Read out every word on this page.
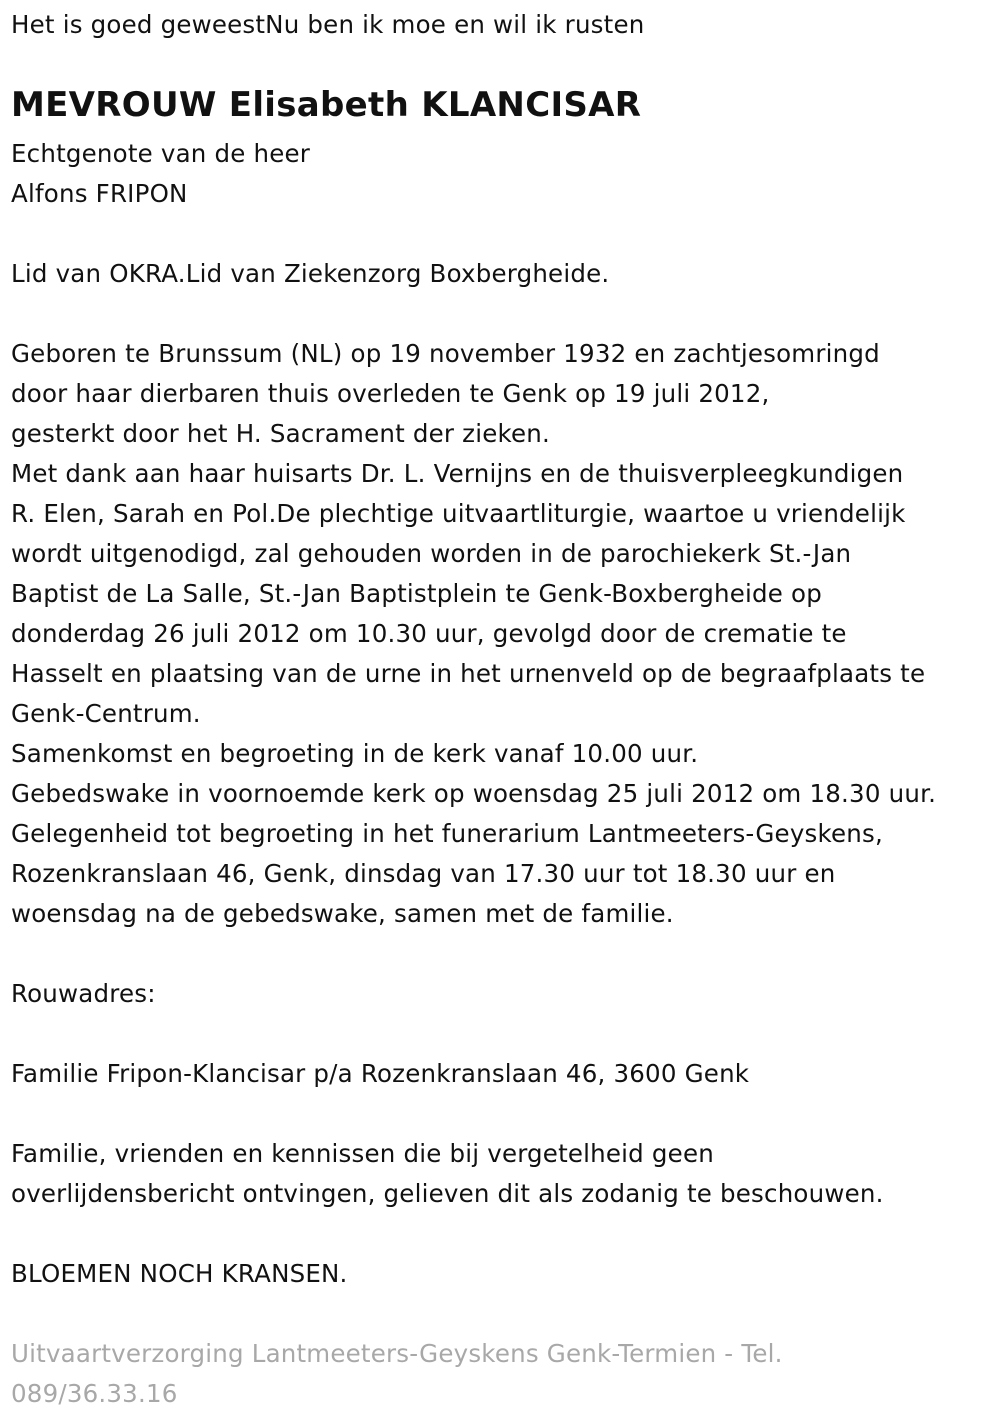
Het is goed geweestNu ben ik moe en wil ik rusten
MEVROUW Elisabeth KLANCISAR
Echtgenote van de heer
Alfons FRIPON
Lid van OKRA.Lid van Ziekenzorg Boxbergheide.
Geboren te Brunssum (NL) op 19 november 1932 en zachtjesomringd
door haar dierbaren thuis overleden te Genk op 19 juli 2012,
gesterkt door het H. Sacrament der zieken.
Met dank aan haar huisarts Dr. L. Vernijns en de thuisverpleegkundigen
R. Elen, Sarah en Pol.De plechtige uitvaartliturgie, waartoe u vriendelijk
wordt uitgenodigd, zal gehouden worden in de parochiekerk St.-Jan
Baptist de La Salle, St.-Jan Baptistplein te Genk-Boxbergheide op
donderdag 26 juli 2012 om 10.30 uur, gevolgd door de crematie te
Hasselt en plaatsing van de urne in het urnenveld op de begraafplaats te
Genk-Centrum.
Samenkomst en begroeting in de kerk vanaf 10.00 uur.
Gebedswake in voornoemde kerk op woensdag 25 juli 2012 om 18.30 uur.
Gelegenheid tot begroeting in het funerarium Lantmeeters-Geyskens,
Rozenkranslaan 46, Genk, dinsdag van 17.30 uur tot 18.30 uur en
woensdag na de gebedswake, samen met de familie.
Rouwadres:
Familie Fripon-Klancisar p/a Rozenkranslaan 46, 3600 Genk
Familie, vrienden en kennissen die bij vergetelheid geen
overlijdensbericht ontvingen, gelieven dit als zodanig te beschouwen.
BLOEMEN NOCH KRANSEN.
Uitvaartverzorging Lantmeeters-Geyskens Genk-Termien - Tel.
089/36.33.16
